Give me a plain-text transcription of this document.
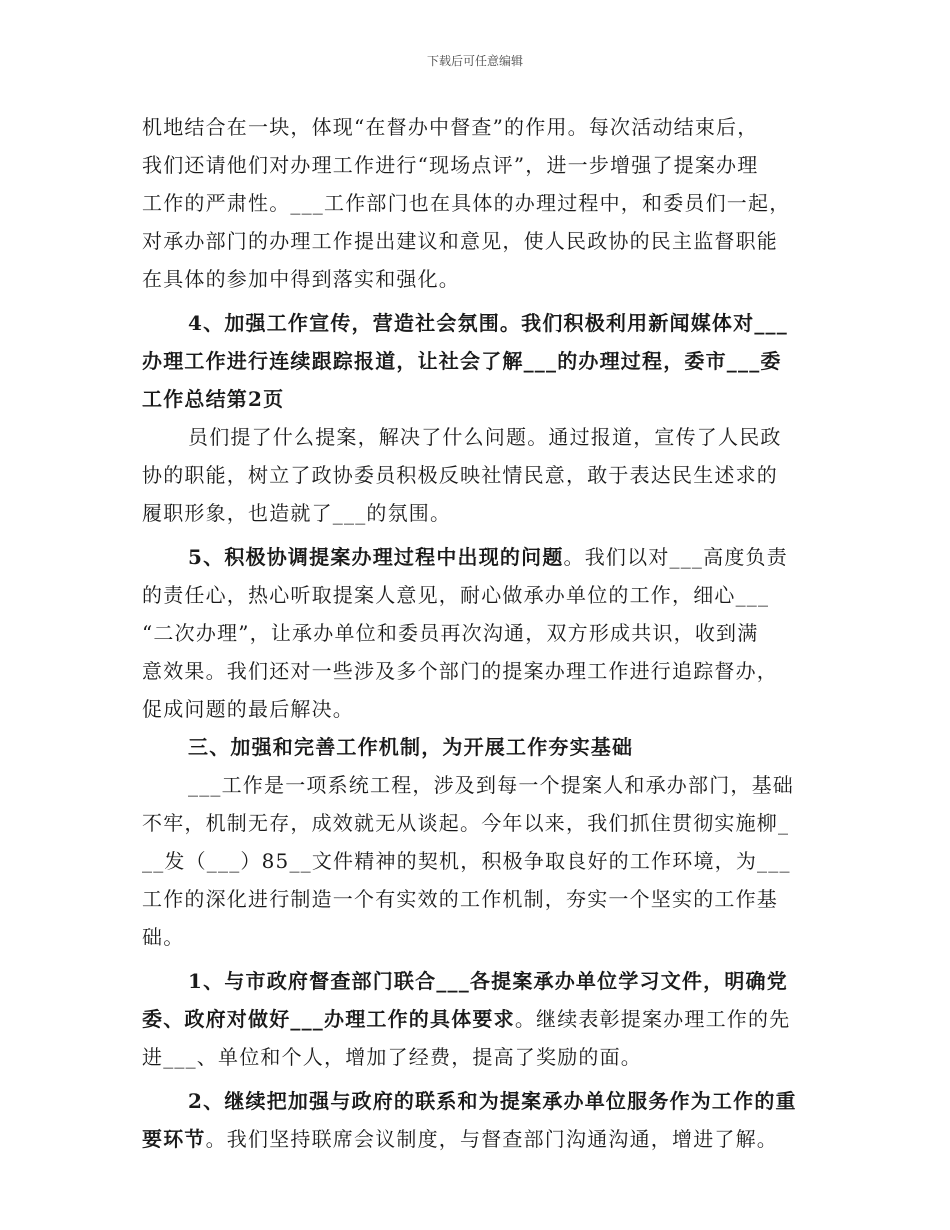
下载后可任意编辑
机地结合在一块，体现“在督办中督查”的作用。每次活动结束后，
我们还请他们对办理工作进行“现场点评”，进一步增强了提案办理
工作的严肃性。___工作部门也在具体的办理过程中，和委员们一起，
对承办部门的办理工作提出建议和意见，使人民政协的民主监督职能
在具体的参加中得到落实和强化。
4、加强工作宣传，营造社会氛围。我们积极利用新闻媒体对___
办理工作进行连续跟踪报道，让社会了解___的办理过程，委市___委
工作总结第2页
员们提了什么提案，解决了什么问题。通过报道，宣传了人民政
协的职能，树立了政协委员积极反映社情民意，敢于表达民生述求的
履职形象，也造就了___的氛围。
5、积极协调提案办理过程中出现的问题。我们以对___高度负责
的责任心，热心听取提案人意见，耐心做承办单位的工作，细心___
“二次办理”，让承办单位和委员再次沟通，双方形成共识，收到满
意效果。我们还对一些涉及多个部门的提案办理工作进行追踪督办，
促成问题的最后解决。
三、加强和完善工作机制，为开展工作夯实基础
___工作是一项系统工程，涉及到每一个提案人和承办部门，基础
不牢，机制无存，成效就无从谈起。今年以来，我们抓住贯彻实施柳_
__发（___）85__文件精神的契机，积极争取良好的工作环境，为___
工作的深化进行制造一个有实效的工作机制，夯实一个坚实的工作基
础。
1、与市政府督查部门联合___各提案承办单位学习文件，明确党
委、政府对做好___办理工作的具体要求。继续表彰提案办理工作的先
进___、单位和个人，增加了经费，提高了奖励的面。
2、继续把加强与政府的联系和为提案承办单位服务作为工作的重
要环节。我们坚持联席会议制度，与督查部门沟通沟通，增进了解。
